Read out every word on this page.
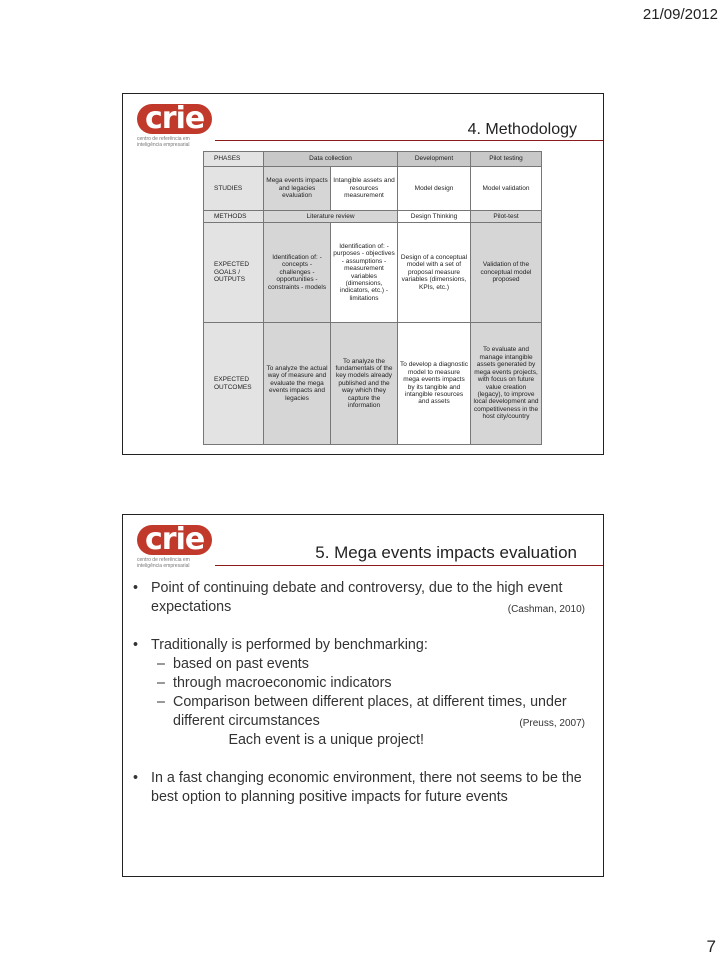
21/09/2012
crie
centro de referência em inteligência empresarial
4. Methodology
PHASES	Data collection		Development	Pilot testing
STUDIES	Mega events impacts and legacies evaluation	Intangible assets and resources measurement	Model design	Model validation
METHODS	Literature review		Design Thinking	Pilot-test
EXPECTED GOALS / OUTPUTS	Identification of: - concepts - challenges - opportunities - constraints - models	Identification of: - purposes - objectives - assumptions - measurement variables (dimensions, indicators, etc.) - limitations	Design of a conceptual model with a set of proposal measure variables (dimensions, KPIs, etc.)	Validation of the conceptual model proposed
EXPECTED OUTCOMES	To analyze the actual way of measure and evaluate the mega events impacts and legacies	To analyze the fundamentals of the key models already published and the way which they capture the information	To develop a diagnostic model to measure mega events impacts by its tangible and intangible resources and assets	To evaluate and manage intangible assets generated by mega events projects, with focus on future value creation (legacy), to improve local development and competitiveness in the host city/country
crie
centro de referência em inteligência empresarial
5. Mega events impacts evaluation
• Point of continuing debate and controversy, due to the high event expectations	(Cashman, 2010)
• Traditionally is performed by benchmarking:
– based on past events
– through macroeconomic indicators
– Comparison between different places, at different times, under different circumstances	(Preuss, 2007)
Each event is a unique project!
• In a fast changing economic environment, there not seems to be the best option to planning positive impacts for future events
7
